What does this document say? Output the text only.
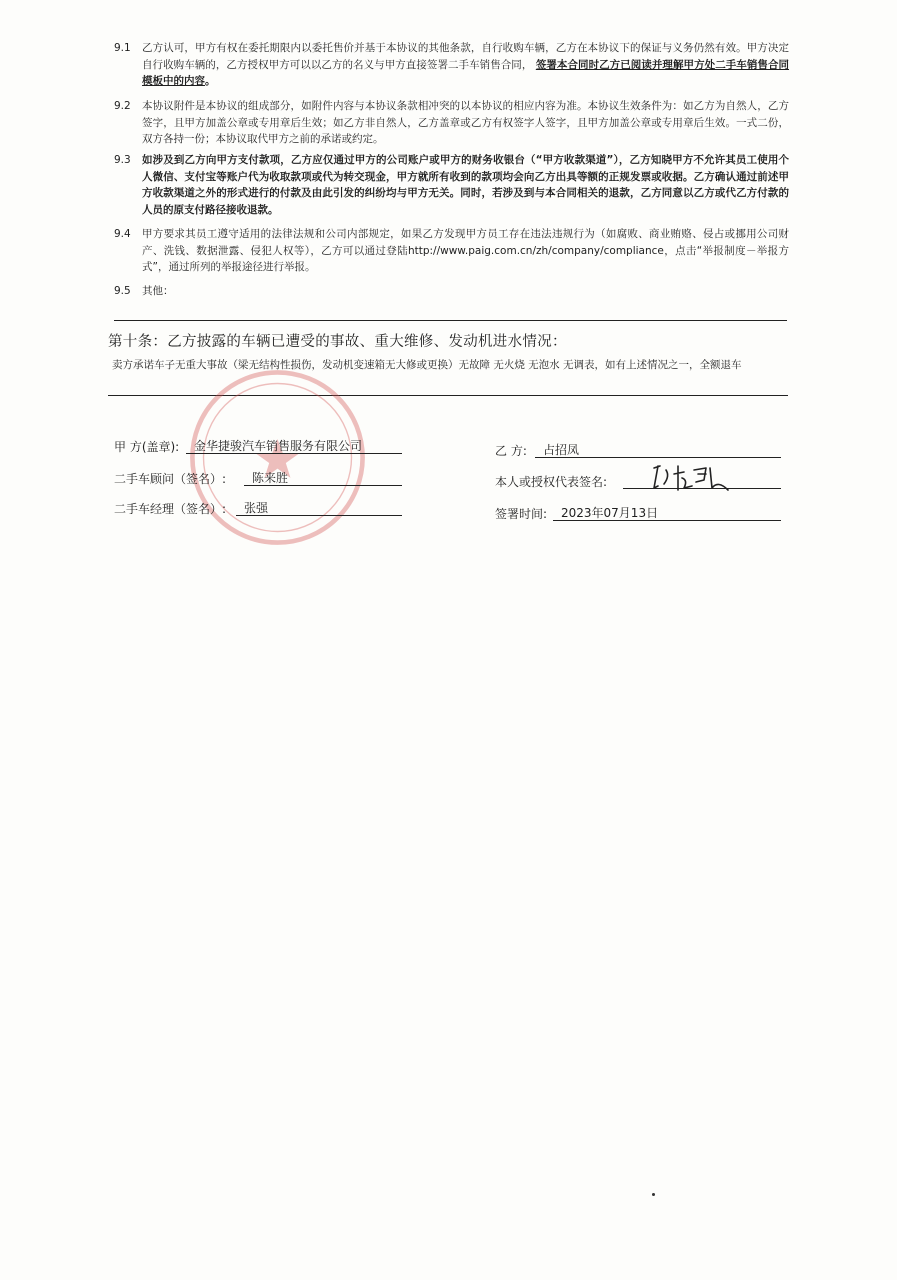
9.1	乙方认可，甲方有权在委托期限内以委托售价并基于本协议的其他条款，自行收购车辆，乙方在本协议下的保证与义务仍然有效。甲方决定自行收购车辆的，乙方授权甲方可以以乙方的名义与甲方直接签署二手车销售合同， 签署本合同时乙方已阅读并理解甲方处二手车销售合同模板中的内容。
9.2	本协议附件是本协议的组成部分，如附件内容与本协议条款相冲突的以本协议的相应内容为准。本协议生效条件为：如乙方为自然人，乙方签字，且甲方加盖公章或专用章后生效；如乙方非自然人，乙方盖章或乙方有权签字人签字，且甲方加盖公章或专用章后生效。一式二份，双方各持一份；本协议取代甲方之前的承诺或约定。
9.3	如涉及到乙方向甲方支付款项，乙方应仅通过甲方的公司账户或甲方的财务收银台（“甲方收款渠道”），乙方知晓甲方不允许其员工使用个人微信、支付宝等账户代为收取款项或代为转交现金，甲方就所有收到的款项均会向乙方出具等额的正规发票或收据。乙方确认通过前述甲方收款渠道之外的形式进行的付款及由此引发的纠纷均与甲方无关。同时，若涉及到与本合同相关的退款，乙方同意以乙方或代乙方付款的人员的原支付路径接收退款。
9.4	甲方要求其员工遵守适用的法律法规和公司内部规定，如果乙方发现甲方员工存在违法违规行为（如腐败、商业贿赂、侵占或挪用公司财产、洗钱、数据泄露、侵犯人权等），乙方可以通过登陆http://www.paig.com.cn/zh/company/compliance，点击“举报制度－举报方式”，通过所列的举报途径进行举报。
9.5	其他：
第十条：乙方披露的车辆已遭受的事故、重大维修、发动机进水情况：
卖方承诺车子无重大事故（梁无结构性损伤，发动机变速箱无大修或更换）无故障 无火烧 无泡水 无调表，如有上述情况之一，全额退车
甲 方(盖章):	金华捷骏汽车销售服务有限公司
二手车顾问（签名）:	陈来胜
二手车经理（签名）:	张强
乙 方:	占招凤
本人或授权代表签名:
签署时间:	2023年07月13日
